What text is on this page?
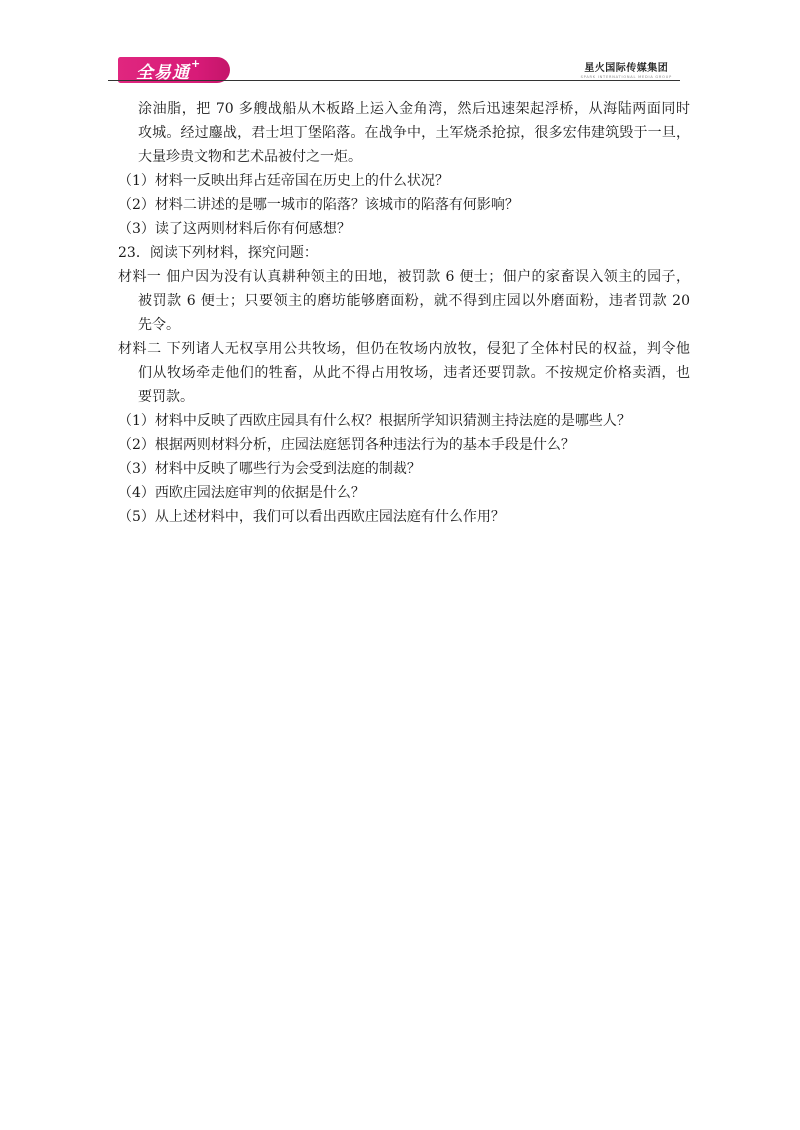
全易通 +	星火国际传媒集团
SPARK INTERNATIONAL MEDIA GROUP
涂油脂，把 70 多艘战船从木板路上运入金角湾，然后迅速架起浮桥，从海陆两面同时
攻城。经过鏖战，君士坦丁堡陷落。在战争中，土军烧杀抢掠，很多宏伟建筑毁于一旦，
大量珍贵文物和艺术品被付之一炬。
（1）材料一反映出拜占廷帝国在历史上的什么状况？
（2）材料二讲述的是哪一城市的陷落？该城市的陷落有何影响？
（3）读了这两则材料后你有何感想？
23．阅读下列材料，探究问题：
材料一 佃户因为没有认真耕种领主的田地，被罚款 6 便士；佃户的家畜误入领主的园子，
被罚款 6 便士；只要领主的磨坊能够磨面粉，就不得到庄园以外磨面粉，违者罚款 20
先令。
材料二 下列诸人无权享用公共牧场，但仍在牧场内放牧，侵犯了全体村民的权益，判令他
们从牧场牵走他们的牲畜，从此不得占用牧场，违者还要罚款。不按规定价格卖酒，也
要罚款。
（1）材料中反映了西欧庄园具有什么权？根据所学知识猜测主持法庭的是哪些人？
（2）根据两则材料分析，庄园法庭惩罚各种违法行为的基本手段是什么？
（3）材料中反映了哪些行为会受到法庭的制裁？
（4）西欧庄园法庭审判的依据是什么？
（5）从上述材料中，我们可以看出西欧庄园法庭有什么作用？
